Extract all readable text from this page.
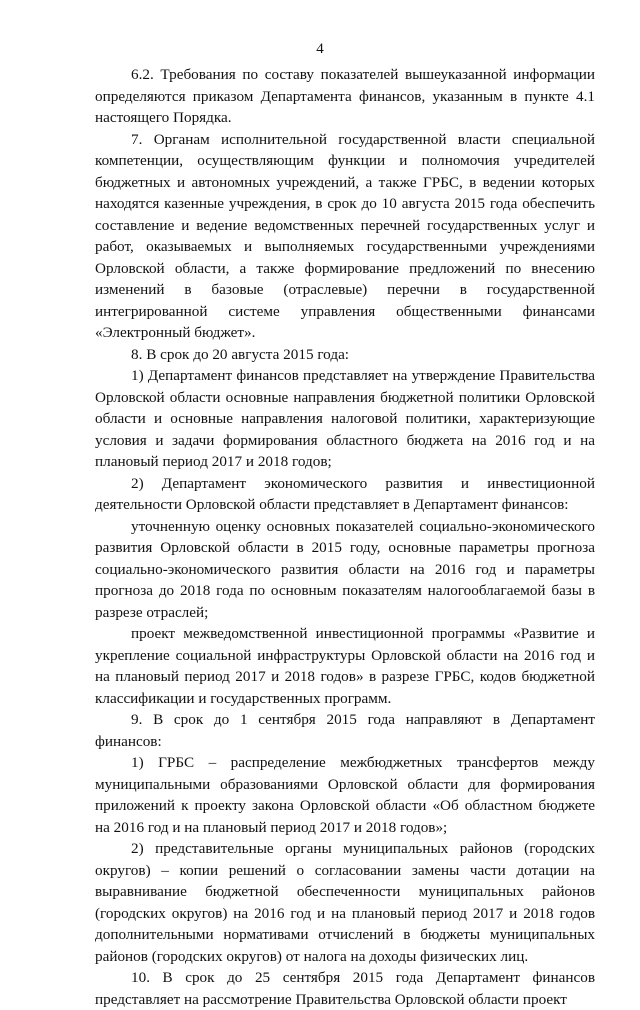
4

6.2. Требования по составу показателей вышеуказанной информации определяются приказом Департамента финансов, указанным в пункте 4.1 настоящего Порядка.

7. Органам исполнительной государственной власти специальной компетенции, осуществляющим функции и полномочия учредителей бюджетных и автономных учреждений, а также ГРБС, в ведении которых находятся казенные учреждения, в срок до 10 августа 2015 года обеспечить составление и ведение ведомственных перечней государственных услуг и работ, оказываемых и выполняемых государственными учреждениями Орловской области, а также формирование предложений по внесению изменений в базовые (отраслевые) перечни в государственной интегрированной системе управления общественными финансами «Электронный бюджет».

8. В срок до 20 августа 2015 года:

1) Департамент финансов представляет на утверждение Правительства Орловской области основные направления бюджетной политики Орловской области и основные направления налоговой политики, характеризующие условия и задачи формирования областного бюджета на 2016 год и на плановый период 2017 и 2018 годов;

2) Департамент экономического развития и инвестиционной деятельности Орловской области представляет в Департамент финансов:

уточненную оценку основных показателей социально-экономического развития Орловской области в 2015 году, основные параметры прогноза социально-экономического развития области на 2016 год и параметры прогноза до 2018 года по основным показателям налогооблагаемой базы в разрезе отраслей;

проект межведомственной инвестиционной программы «Развитие и укрепление социальной инфраструктуры Орловской области на 2016 год и на плановый период 2017 и 2018 годов» в разрезе ГРБС, кодов бюджетной классификации и государственных программ.

9. В срок до 1 сентября 2015 года направляют в Департамент финансов:

1) ГРБС – распределение межбюджетных трансфертов между муниципальными образованиями Орловской области для формирования приложений к проекту закона Орловской области «Об областном бюджете на 2016 год и на плановый период 2017 и 2018 годов»;

2) представительные органы муниципальных районов (городских округов) – копии решений о согласовании замены части дотации на выравнивание бюджетной обеспеченности муниципальных районов (городских округов) на 2016 год и на плановый период 2017 и 2018 годов дополнительными нормативами отчислений в бюджеты муниципальных районов (городских округов) от налога на доходы физических лиц.

10. В срок до 25 сентября 2015 года Департамент финансов представляет на рассмотрение Правительства Орловской области проект
